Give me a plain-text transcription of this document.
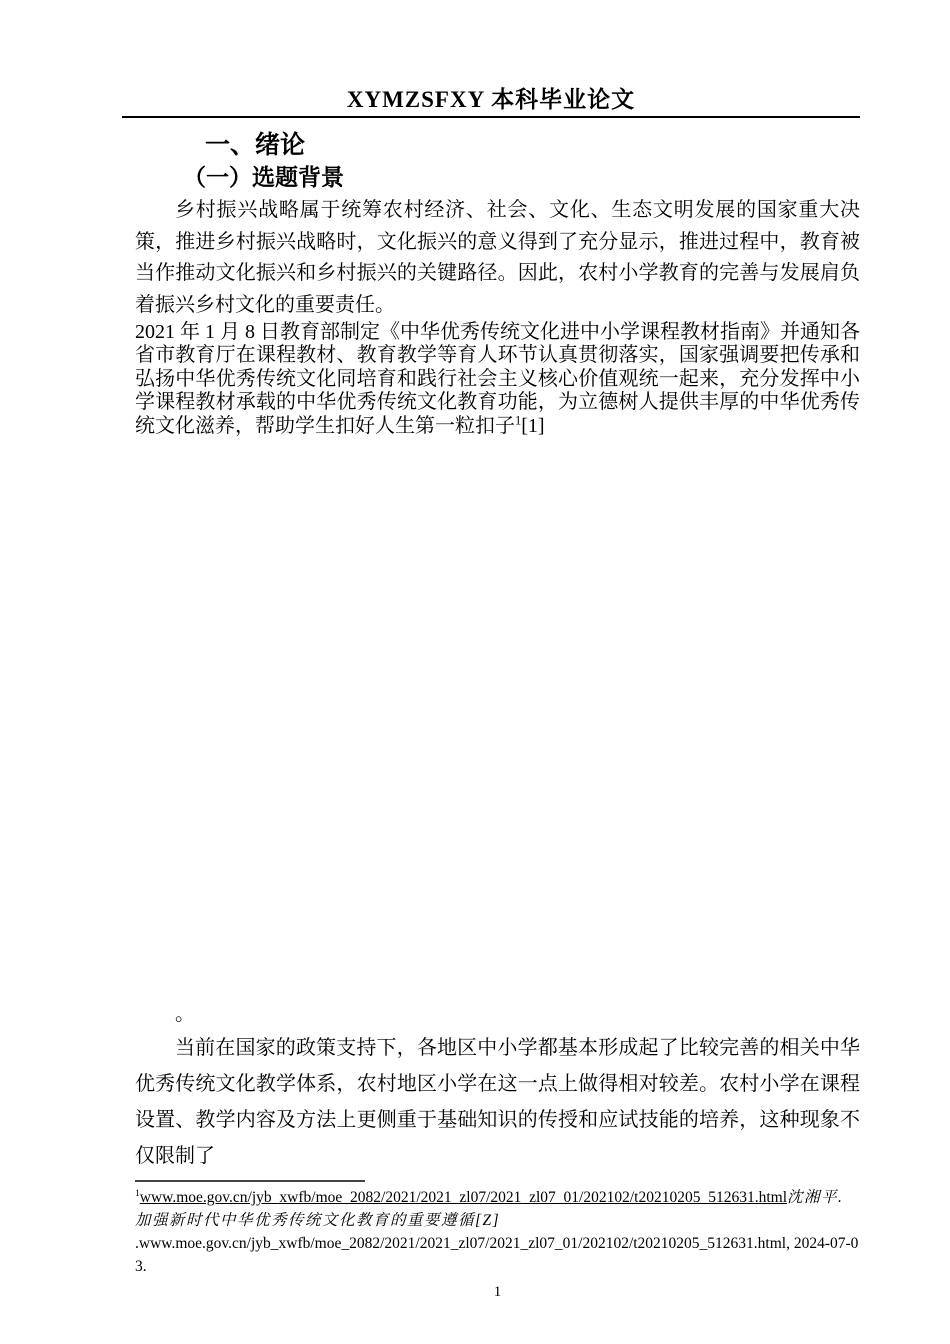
XYMZSFXY 本科毕业论文
一、绪论
（一）选题背景

乡村振兴战略属于统筹农村经济、社会、文化、生态文明发展的国家重大决策，推进乡村振兴战略时，文化振兴的意义得到了充分显示，推进过程中，教育被当作推动文化振兴和乡村振兴的关键路径。因此，农村小学教育的完善与发展肩负着振兴乡村文化的重要责任。

2021 年 1 月 8 日教育部制定《中华优秀传统文化进中小学课程教材指南》并通知各省市教育厅在课程教材、教育教学等育人环节认真贯彻落实，国家强调要把传承和弘扬中华优秀传统文化同培育和践行社会主义核心价值观统一起来，充分发挥中小学课程教材承载的中华优秀传统文化教育功能，为立德树人提供丰厚的中华优秀传统文化滋养，帮助学生扣好人生第一粒扣子$^1$[1]

。

当前在国家的政策支持下，各地区中小学都基本形成起了比较完善的相关中华优秀传统文化教学体系，农村地区小学在这一点上做得相对较差。农村小学在课程设置、教学内容及方法上更侧重于基础知识的传授和应试技能的培养，这种现象不仅限制了

$^1$www.moe.gov.cn/jyb_xwfb/moe_2082/2021/2021_zl07/2021_zl07_01/202102/t20210205_512631.html沈湘平.加强新时代中华优秀传统文化教育的重要遵循[Z]
.www.moe.gov.cn/jyb_xwfb/moe_2082/2021/2021_zl07/2021_zl07_01/202102/t20210205_512631.html, 2024-07-03.
1
